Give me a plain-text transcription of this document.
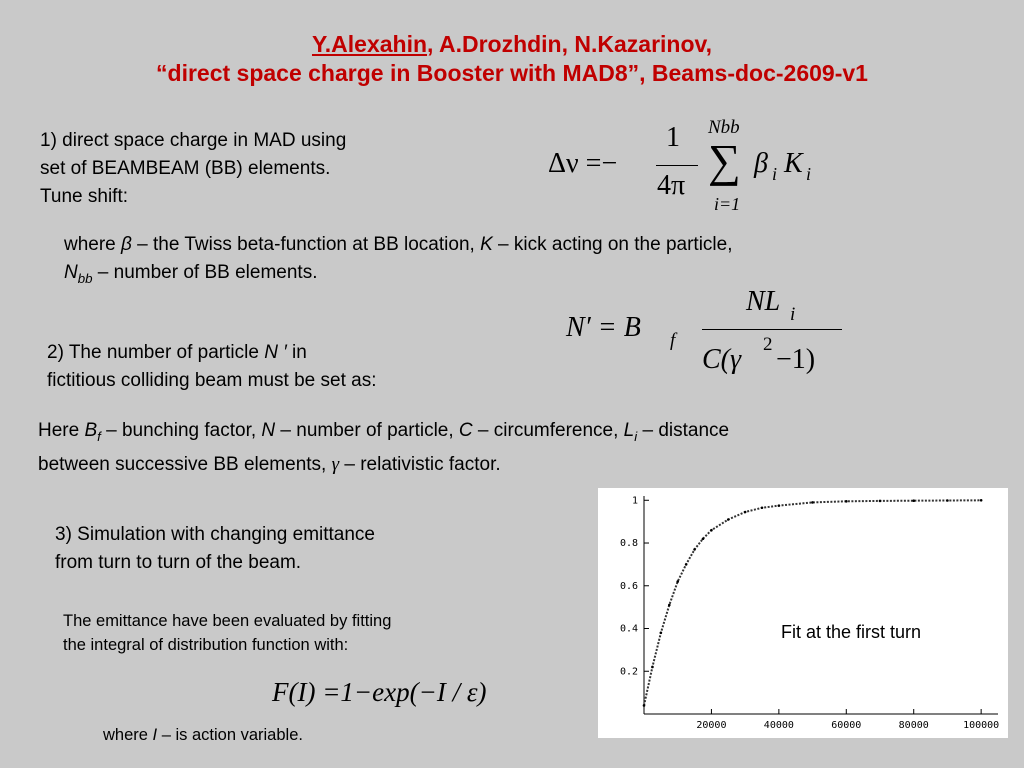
Y.Alexahin, A.Drozhdin, N.Kazarinov,
“direct space charge in Booster with MAD8”, Beams-doc-2609-v1
1) direct space charge in MAD using
set of BEAMBEAM (BB) elements.
Tune shift:
Δν =−
1
4π
Nbb
∑
i=1
β i K i
where β – the Twiss beta-function at BB location, K – kick acting on the particle,
$N_{bb}$ – number of BB elements.
N′ = B f
NL i
C(γ 2 −1)
2) The number of particle N ′ in
fictitious colliding beam must be set as:
Here $B_f$ – bunching factor, N – number of particle, C – circumference, $L_i$ – distance
between successive BB elements, γ – relativistic factor.
3) Simulation with changing emittance
from turn to turn of the beam.
The emittance have been evaluated by fitting
the integral of distribution function with:
F(I) =1−exp(−I / ε)
where I – is action variable.
20000	40000	60000	80000	100000
0.2
0.4
0.6
0.8
1
Fit at the first turn
